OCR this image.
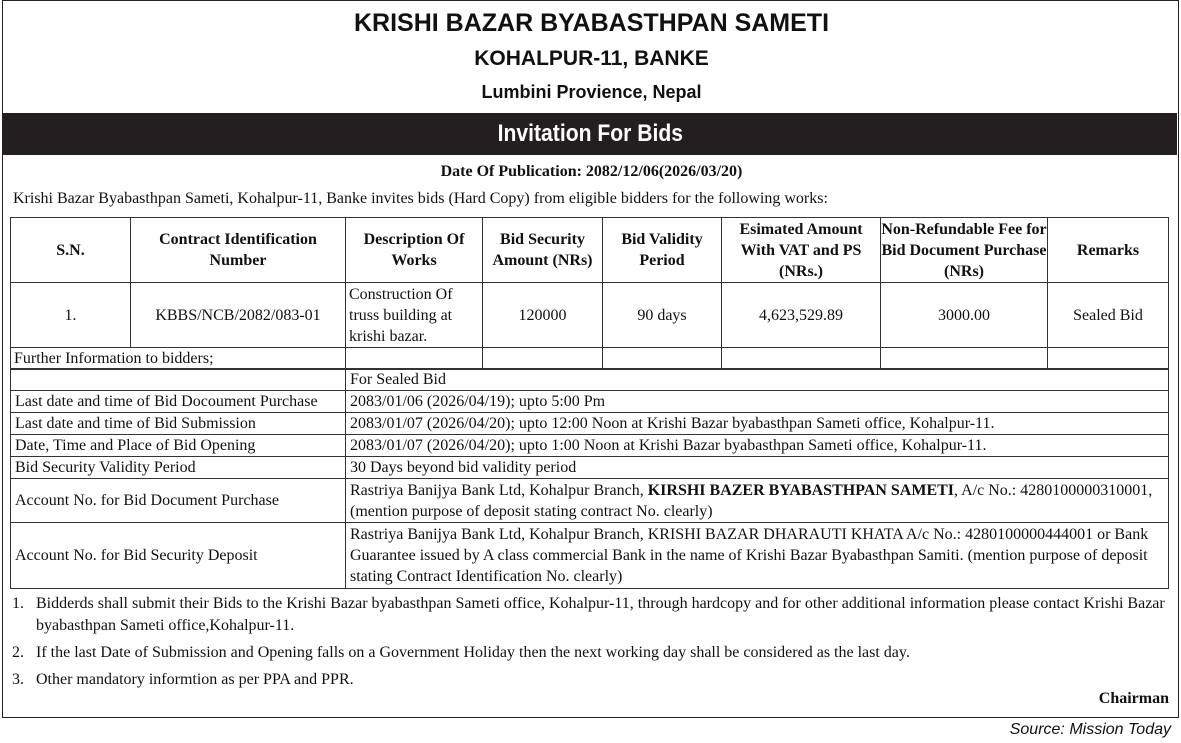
KRISHI BAZAR BYABASTHPAN SAMETI
KOHALPUR-11, BANKE
Lumbini Provience, Nepal
Invitation For Bids
Date Of Publication: 2082/12/06(2026/03/20)
Krishi Bazar Byabasthpan Sameti, Kohalpur-11, Banke invites bids (Hard Copy) from eligible bidders for the following works:
S.N.	Contract Identification Number	Description Of Works	Bid Security Amount (NRs)	Bid Validity Period	Esimated Amount With VAT and PS (NRs.)	Non-Refundable Fee for Bid Document Purchase (NRs)	Remarks
1.	KBBS/NCB/2082/083-01	Construction Of truss building at krishi bazar.	120000	90 days	4,623,529.89	3000.00	Sealed Bid
Further Information to bidders;							
	For Sealed Bid
Last date and time of Bid Docoument Purchase	2083/01/06 (2026/04/19); upto 5:00 Pm
Last date and time of Bid Submission	2083/01/07 (2026/04/20); upto 12:00 Noon at Krishi Bazar byabasthpan Sameti office, Kohalpur-11.
Date, Time and Place of Bid Opening	2083/01/07 (2026/04/20); upto 1:00 Noon at Krishi Bazar byabasthpan Sameti office, Kohalpur-11.
Bid Security Validity Period	30 Days beyond bid validity period
Account No. for Bid Document Purchase	Rastriya Banijya Bank Ltd, Kohalpur Branch, KIRSHI BAZER BYABASTHPAN SAMETI, A/c No.: 4280100000310001, (mention purpose of deposit stating contract No. clearly)
Account No. for Bid Security Deposit	Rastriya Banijya Bank Ltd, Kohalpur Branch, KRISHI BAZAR DHARAUTI KHATA A/c No.: 4280100000444001 or Bank Guarantee issued by A class commercial Bank in the name of Krishi Bazar Byabasthpan Samiti. (mention purpose of deposit stating Contract Identification No. clearly)
1. Bidderds shall submit their Bids to the Krishi Bazar byabasthpan Sameti office, Kohalpur-11, through hardcopy and for other additional information please contact Krishi Bazar byabasthpan Sameti office,Kohalpur-11.
2. If the last Date of Submission and Opening falls on a Government Holiday then the next working day shall be considered as the last day.
3. Other mandatory informtion as per PPA and PPR.
Chairman
Source: Mission Today
